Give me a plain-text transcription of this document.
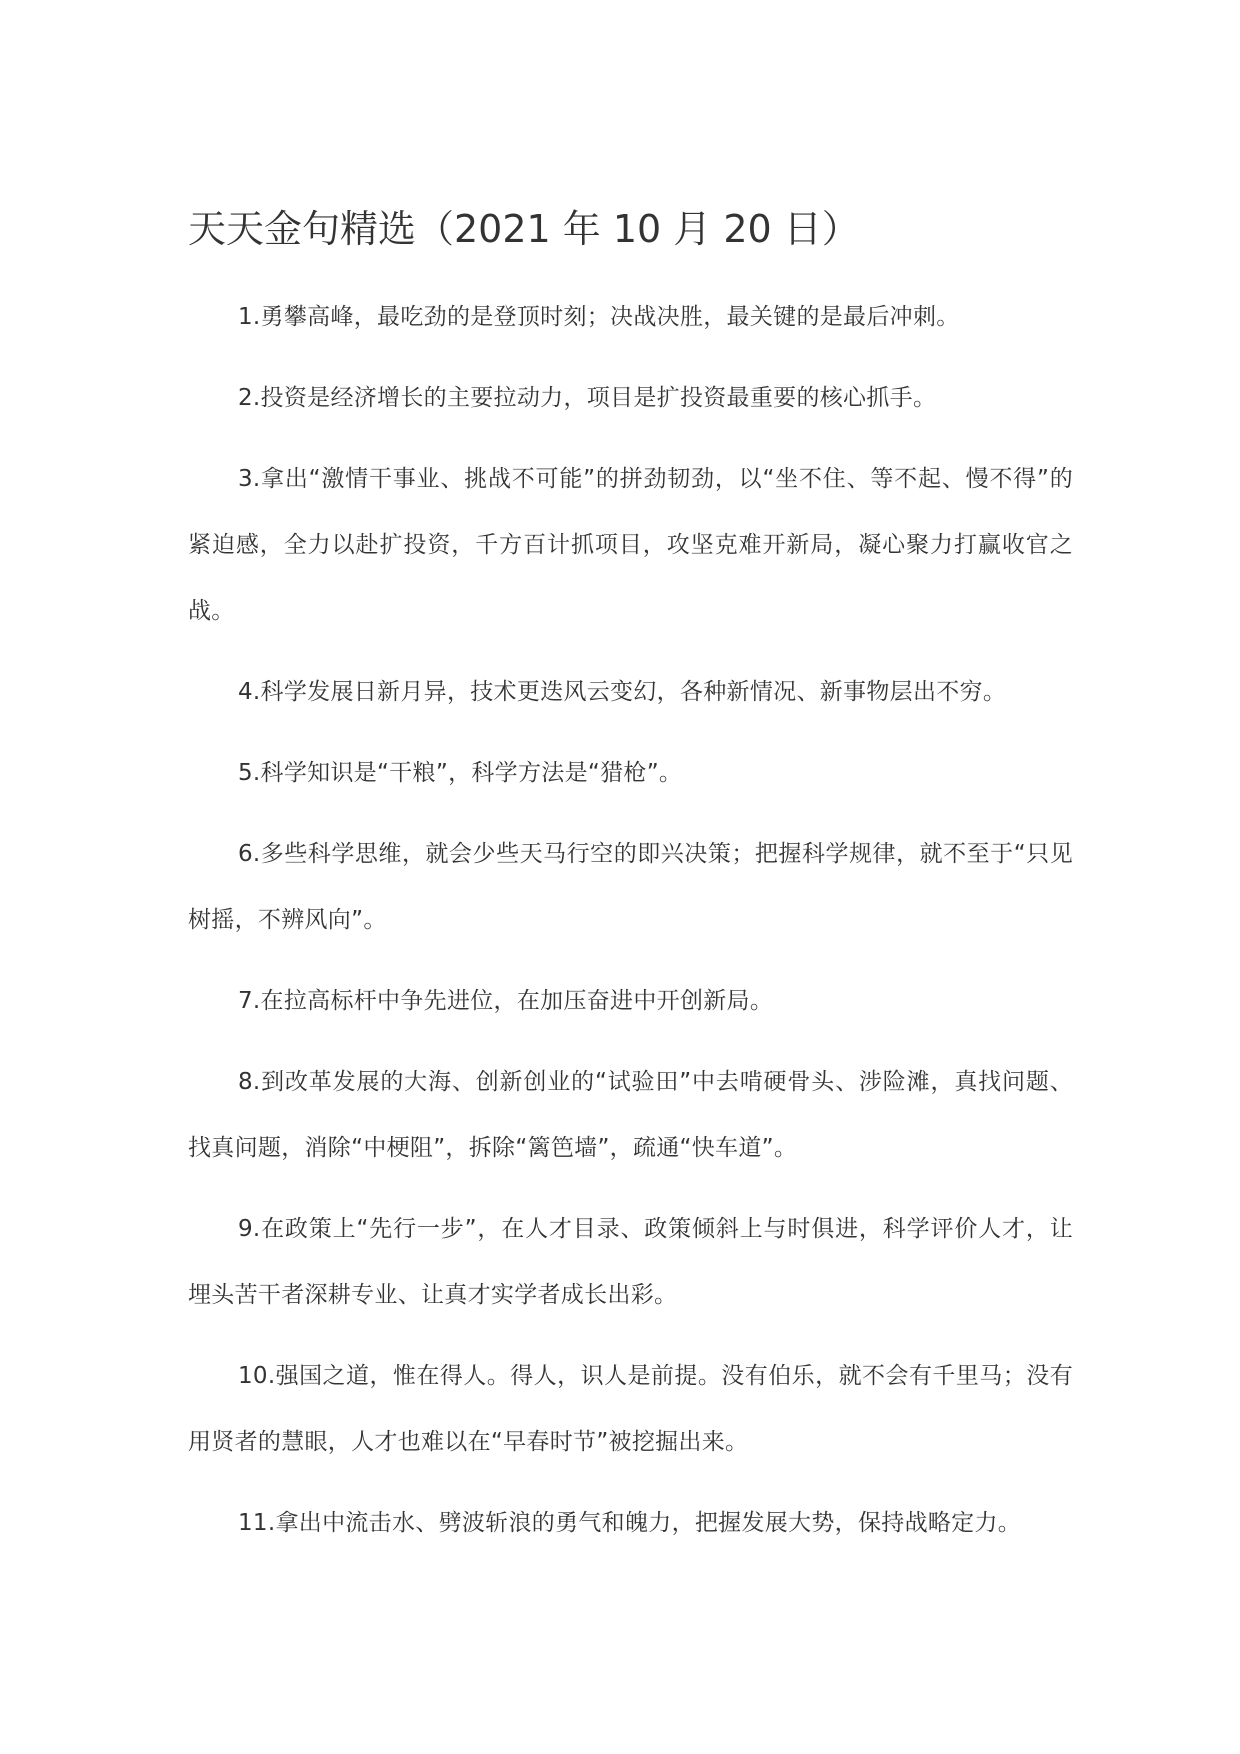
天天金句精选（2021 年 10 月 20 日）
1.勇攀高峰，最吃劲的是登顶时刻；决战决胜，最关键的是最后冲刺。
2.投资是经济增长的主要拉动力，项目是扩投资最重要的核心抓手。
3.拿出“激情干事业、挑战不可能”的拼劲韧劲，以“坐不住、等不起、慢不得”的紧迫感，全力以赴扩投资，千方百计抓项目，攻坚克难开新局，凝心聚力打赢收官之战。
4.科学发展日新月异，技术更迭风云变幻，各种新情况、新事物层出不穷。
5.科学知识是“干粮”，科学方法是“猎枪”。
6.多些科学思维，就会少些天马行空的即兴决策；把握科学规律，就不至于“只见树摇，不辨风向”。
7.在拉高标杆中争先进位，在加压奋进中开创新局。
8.到改革发展的大海、创新创业的“试验田”中去啃硬骨头、涉险滩，真找问题、找真问题，消除“中梗阻”，拆除“篱笆墙”，疏通“快车道”。
9.在政策上“先行一步”，在人才目录、政策倾斜上与时俱进，科学评价人才，让埋头苦干者深耕专业、让真才实学者成长出彩。
10.强国之道，惟在得人。得人，识人是前提。没有伯乐，就不会有千里马；没有用贤者的慧眼，人才也难以在“早春时节”被挖掘出来。
11.拿出中流击水、劈波斩浪的勇气和魄力，把握发展大势，保持战略定力。
